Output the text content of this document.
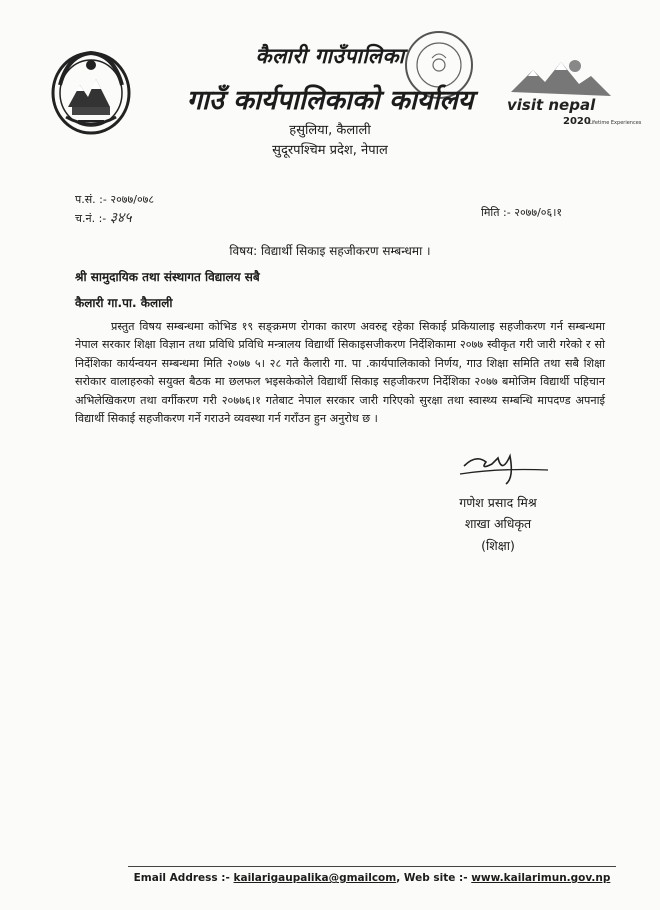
कैलारी गाउँपालिका
गाउँ कार्यपालिकाको कार्यालय
हसुलिया, कैलाली
सुदूरपश्चिम प्रदेश, नेपाल
visit nepal
2020
Lifetime Experiences
प.सं. :- २०७७/०७८
च.नं. :- ३४५	मिति :- २०७७/०६।१
विषय: विद्यार्थी सिकाइ सहजीकरण सम्बन्धमा ।
श्री सामुदायिक तथा संस्थागत विद्यालय सबै
कैलारी गा.पा. कैलाली
प्रस्तुत विषय सम्बन्धमा कोभिड १९ सङ्क्रमण रोगका कारण अवरुद्द रहेका सिकाई प्रकियालाइ सहजीकरण गर्न सम्बन्धमा नेपाल सरकार शिक्षा विज्ञान तथा प्रविधि प्रविधि मन्त्रालय विद्यार्थी सिकाइसजीकरण निर्देशिकामा २०७७ स्वीकृत गरी जारी गरेको र सो निर्देशिका कार्यन्वयन सम्बन्धमा मिति २०७७ ५। २८ गते कैलारी गा. पा .कार्यपालिकाको निर्णय, गाउ शिक्षा समिति तथा सबै शिक्षा सरोकार वालाहरुको सयुक्त बैठक मा छलफल भइसकेकोले विद्यार्थी सिकाइ सहजीकरण निर्देशिका २०७७ बमोजिम विद्यार्थी पहिचान अभिलेखिकरण तथा वर्गीकरण गरी २०७७६।१ गतेबाट नेपाल सरकार जारी गरिएको सुरक्षा तथा स्वास्थ्य सम्बन्धि मापदण्ड अपनाई विद्यार्थी सिकाई सहजीकरण गर्ने गराउने व्यवस्था गर्न गराँउन हुन अनुरोध छ ।
गणेश प्रसाद मिश्र
शाखा अधिकृत
(शिक्षा)
Email Address :- kailarigaupalika@gmailcom, Web site :- www.kailarimun.gov.np
